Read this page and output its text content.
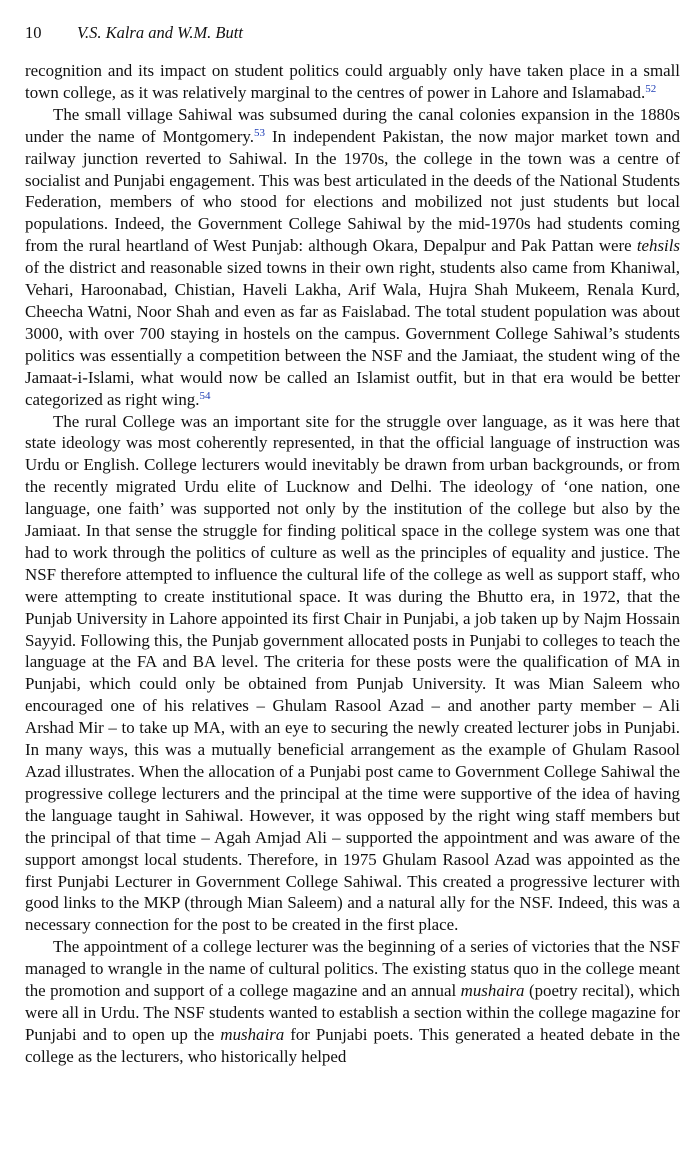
10 V.S. Kalra and W.M. Butt

recognition and its impact on student politics could arguably only have taken place in a small town college, as it was relatively marginal to the centres of power in Lahore and Islamabad.$^{52}$

The small village Sahiwal was subsumed during the canal colonies expansion in the 1880s under the name of Montgomery.$^{53}$ In independent Pakistan, the now major market town and railway junction reverted to Sahiwal. In the 1970s, the college in the town was a centre of socialist and Punjabi engagement. This was best articulated in the deeds of the National Students Federation, members of who stood for elections and mobilized not just students but local populations. Indeed, the Government College Sahiwal by the mid-1970s had students coming from the rural heartland of West Punjab: although Okara, Depalpur and Pak Pattan were tehsils of the district and reasonable sized towns in their own right, students also came from Khaniwal, Vehari, Haroonabad, Chistian, Haveli Lakha, Arif Wala, Hujra Shah Mukeem, Renala Kurd, Cheecha Watni, Noor Shah and even as far as Faislabad. The total student population was about 3000, with over 700 staying in hostels on the campus. Government College Sahiwal’s students politics was essentially a competition between the NSF and the Jamiaat, the student wing of the Jamaat-i-Islami, what would now be called an Islamist outfit, but in that era would be better categorized as right wing.$^{54}$

The rural College was an important site for the struggle over language, as it was here that state ideology was most coherently represented, in that the official language of instruction was Urdu or English. College lecturers would inevitably be drawn from urban backgrounds, or from the recently migrated Urdu elite of Lucknow and Delhi. The ideology of ‘one nation, one language, one faith’ was supported not only by the institution of the college but also by the Jamiaat. In that sense the struggle for finding political space in the college system was one that had to work through the politics of culture as well as the principles of equality and justice. The NSF therefore attempted to influence the cultural life of the college as well as support staff, who were attempting to create institutional space. It was during the Bhutto era, in 1972, that the Punjab University in Lahore appointed its first Chair in Punjabi, a job taken up by Najm Hossain Sayyid. Following this, the Punjab government allocated posts in Punjabi to colleges to teach the language at the FA and BA level. The criteria for these posts were the qualification of MA in Punjabi, which could only be obtained from Punjab University. It was Mian Saleem who encouraged one of his relatives – Ghulam Rasool Azad – and another party member – Ali Arshad Mir – to take up MA, with an eye to securing the newly created lecturer jobs in Punjabi. In many ways, this was a mutually beneficial arrangement as the example of Ghulam Rasool Azad illustrates. When the allocation of a Punjabi post came to Government College Sahiwal the progressive college lecturers and the principal at the time were supportive of the idea of having the language taught in Sahiwal. However, it was opposed by the right wing staff members but the principal of that time – Agah Amjad Ali – supported the appointment and was aware of the support amongst local students. Therefore, in 1975 Ghulam Rasool Azad was appointed as the first Punjabi Lecturer in Government College Sahiwal. This created a progressive lecturer with good links to the MKP (through Mian Saleem) and a natural ally for the NSF. Indeed, this was a necessary connection for the post to be created in the first place.

The appointment of a college lecturer was the beginning of a series of victories that the NSF managed to wrangle in the name of cultural politics. The existing status quo in the college meant the promotion and support of a college magazine and an annual mushaira (poetry recital), which were all in Urdu. The NSF students wanted to establish a section within the college magazine for Punjabi and to open up the mushaira for Punjabi poets. This generated a heated debate in the college as the lecturers, who historically helped
